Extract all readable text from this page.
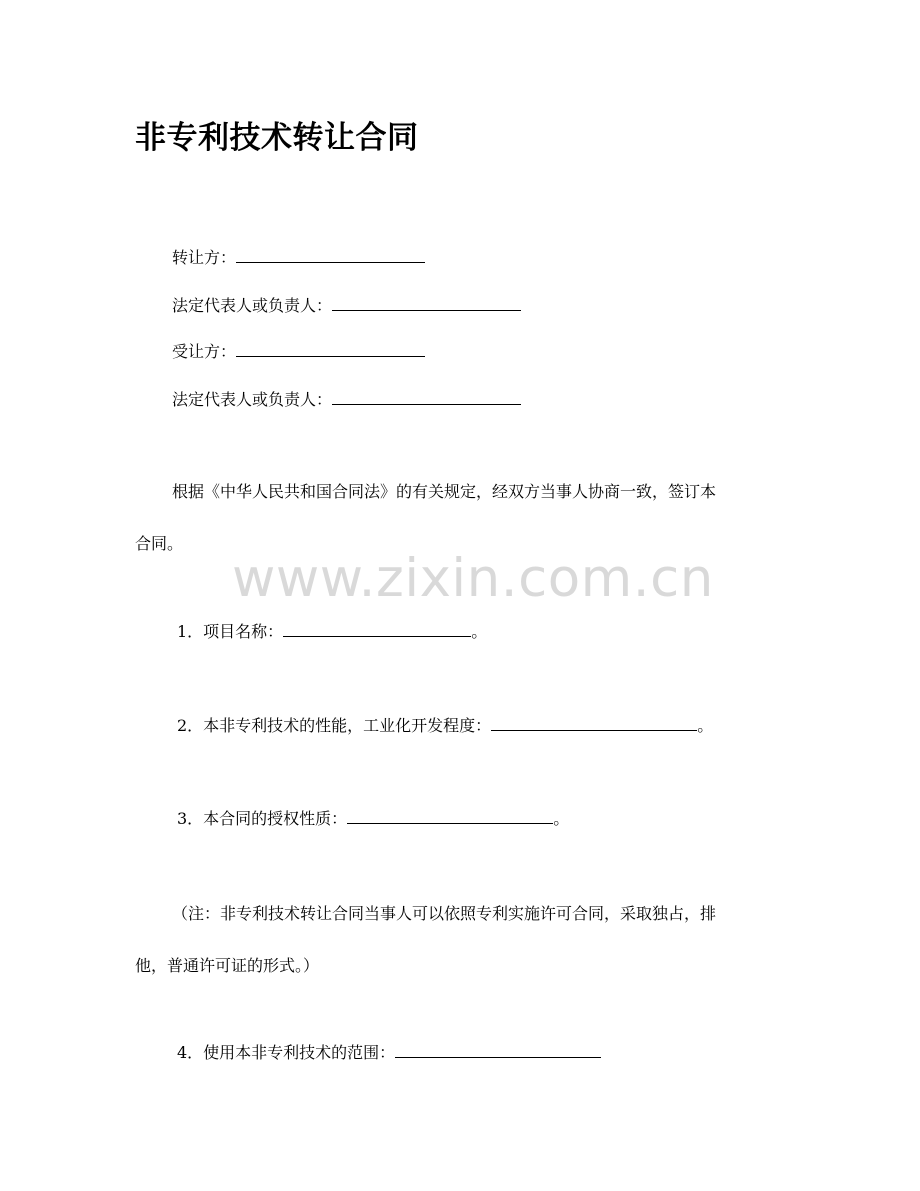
非专利技术转让合同
转让方：
法定代表人或负责人：
受让方：
法定代表人或负责人：
根据《中华人民共和国合同法》的有关规定，经双方当事人协商一致，签订本
合同。
www.zixin.com.cn
1．项目名称：	。
2．本非专利技术的性能，工业化开发程度：	。
3．本合同的授权性质：	。
（注：非专利技术转让合同当事人可以依照专利实施许可合同，采取独占，排
他，普通许可证的形式。）
4．使用本非专利技术的范围：
